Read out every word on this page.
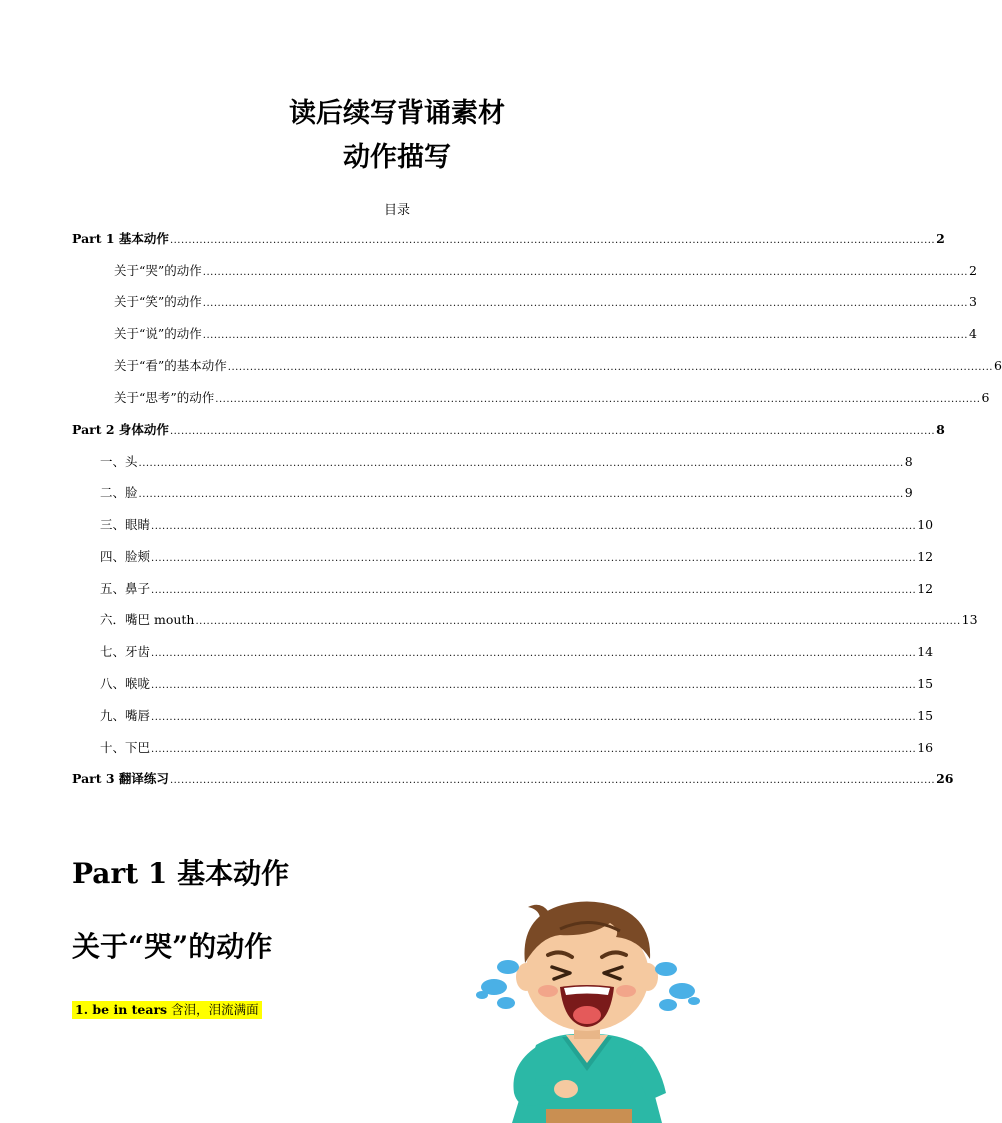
读后续写背诵素材
动作描写
目录
Part 1 基本动作 ................................................................................................................................................................................................................ 2
关于“哭”的动作 ................................................................................................................................................................................................................ 2
关于“笑”的动作 ................................................................................................................................................................................................................ 3
关于“说”的动作 ................................................................................................................................................................................................................ 4
关于“看”的基本动作 ................................................................................................................................................................................................................ 6
关于“思考”的动作 ................................................................................................................................................................................................................ 6
Part 2 身体动作 ................................................................................................................................................................................................................ 8
一、头 ................................................................................................................................................................................................................ 8
二、脸 ................................................................................................................................................................................................................ 9
三、眼睛 ................................................................................................................................................................................................................ 10
四、脸颊 ................................................................................................................................................................................................................ 12
五、鼻子 ................................................................................................................................................................................................................ 12
六．嘴巴 mouth ................................................................................................................................................................................................................ 13
七、牙齿 ................................................................................................................................................................................................................ 14
八、喉咙 ................................................................................................................................................................................................................ 15
九、嘴唇 ................................................................................................................................................................................................................ 15
十、下巴 ................................................................................................................................................................................................................ 16
Part 3 翻译练习 ................................................................................................................................................................................................................ 26
Part 1 基本动作
关于“哭”的动作
1. be in tears 含泪，泪流满面
